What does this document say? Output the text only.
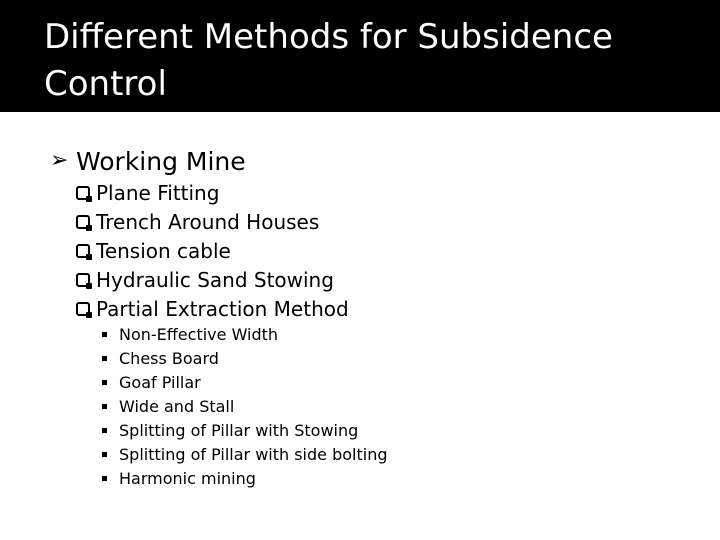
Different Methods for Subsidence Control
➢ Working Mine
Plane Fitting
Trench Around Houses
Tension cable
Hydraulic Sand Stowing
Partial Extraction Method
Non-Effective Width
Chess Board
Goaf Pillar
Wide and Stall
Splitting of Pillar with Stowing
Splitting of Pillar with side bolting
Harmonic mining
